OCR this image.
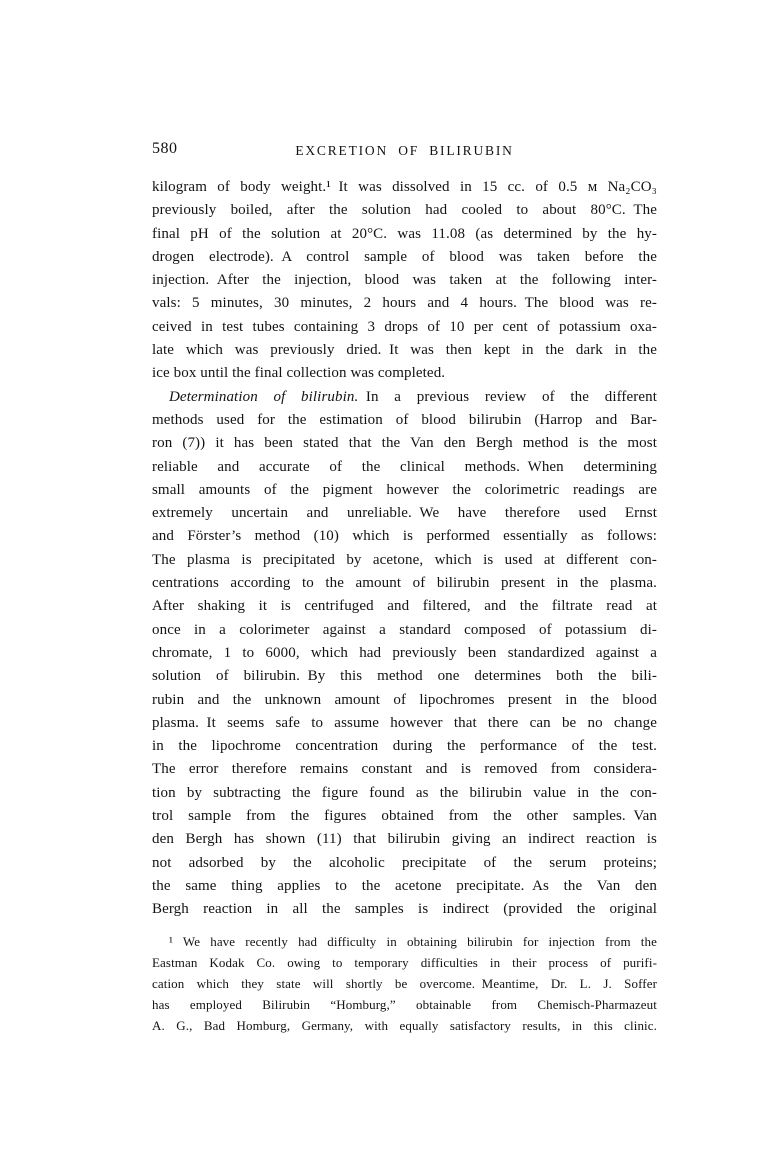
580	EXCRETION OF BILIRUBIN
kilogram of body weight.¹ It was dissolved in 15 cc. of 0.5 м Na₂CO₃
previously boiled, after the solution had cooled to about 80°C. The
final pH of the solution at 20°C. was 11.08 (as determined by the hy-
drogen electrode). A control sample of blood was taken before the
injection. After the injection, blood was taken at the following inter-
vals: 5 minutes, 30 minutes, 2 hours and 4 hours. The blood was re-
ceived in test tubes containing 3 drops of 10 per cent of potassium oxa-
late which was previously dried. It was then kept in the dark in the
ice box until the final collection was completed.
Determination of bilirubin. In a previous review of the different
methods used for the estimation of blood bilirubin (Harrop and Bar-
ron (7)) it has been stated that the Van den Bergh method is the most
reliable and accurate of the clinical methods. When determining
small amounts of the pigment however the colorimetric readings are
extremely uncertain and unreliable. We have therefore used Ernst
and Förster’s method (10) which is performed essentially as follows:
The plasma is precipitated by acetone, which is used at different con-
centrations according to the amount of bilirubin present in the plasma.
After shaking it is centrifuged and filtered, and the filtrate read at
once in a colorimeter against a standard composed of potassium di-
chromate, 1 to 6000, which had previously been standardized against a
solution of bilirubin. By this method one determines both the bili-
rubin and the unknown amount of lipochromes present in the blood
plasma. It seems safe to assume however that there can be no change
in the lipochrome concentration during the performance of the test.
The error therefore remains constant and is removed from considera-
tion by subtracting the figure found as the bilirubin value in the con-
trol sample from the figures obtained from the other samples. Van
den Bergh has shown (11) that bilirubin giving an indirect reaction is
not adsorbed by the alcoholic precipitate of the serum proteins;
the same thing applies to the acetone precipitate. As the Van den
Bergh reaction in all the samples is indirect (provided the original
¹ We have recently had difficulty in obtaining bilirubin for injection from the
Eastman Kodak Co. owing to temporary difficulties in their process of purifi-
cation which they state will shortly be overcome. Meantime, Dr. L. J. Soffer
has employed Bilirubin “Homburg,” obtainable from Chemisch-Pharmazeut
A. G., Bad Homburg, Germany, with equally satisfactory results, in this clinic.
